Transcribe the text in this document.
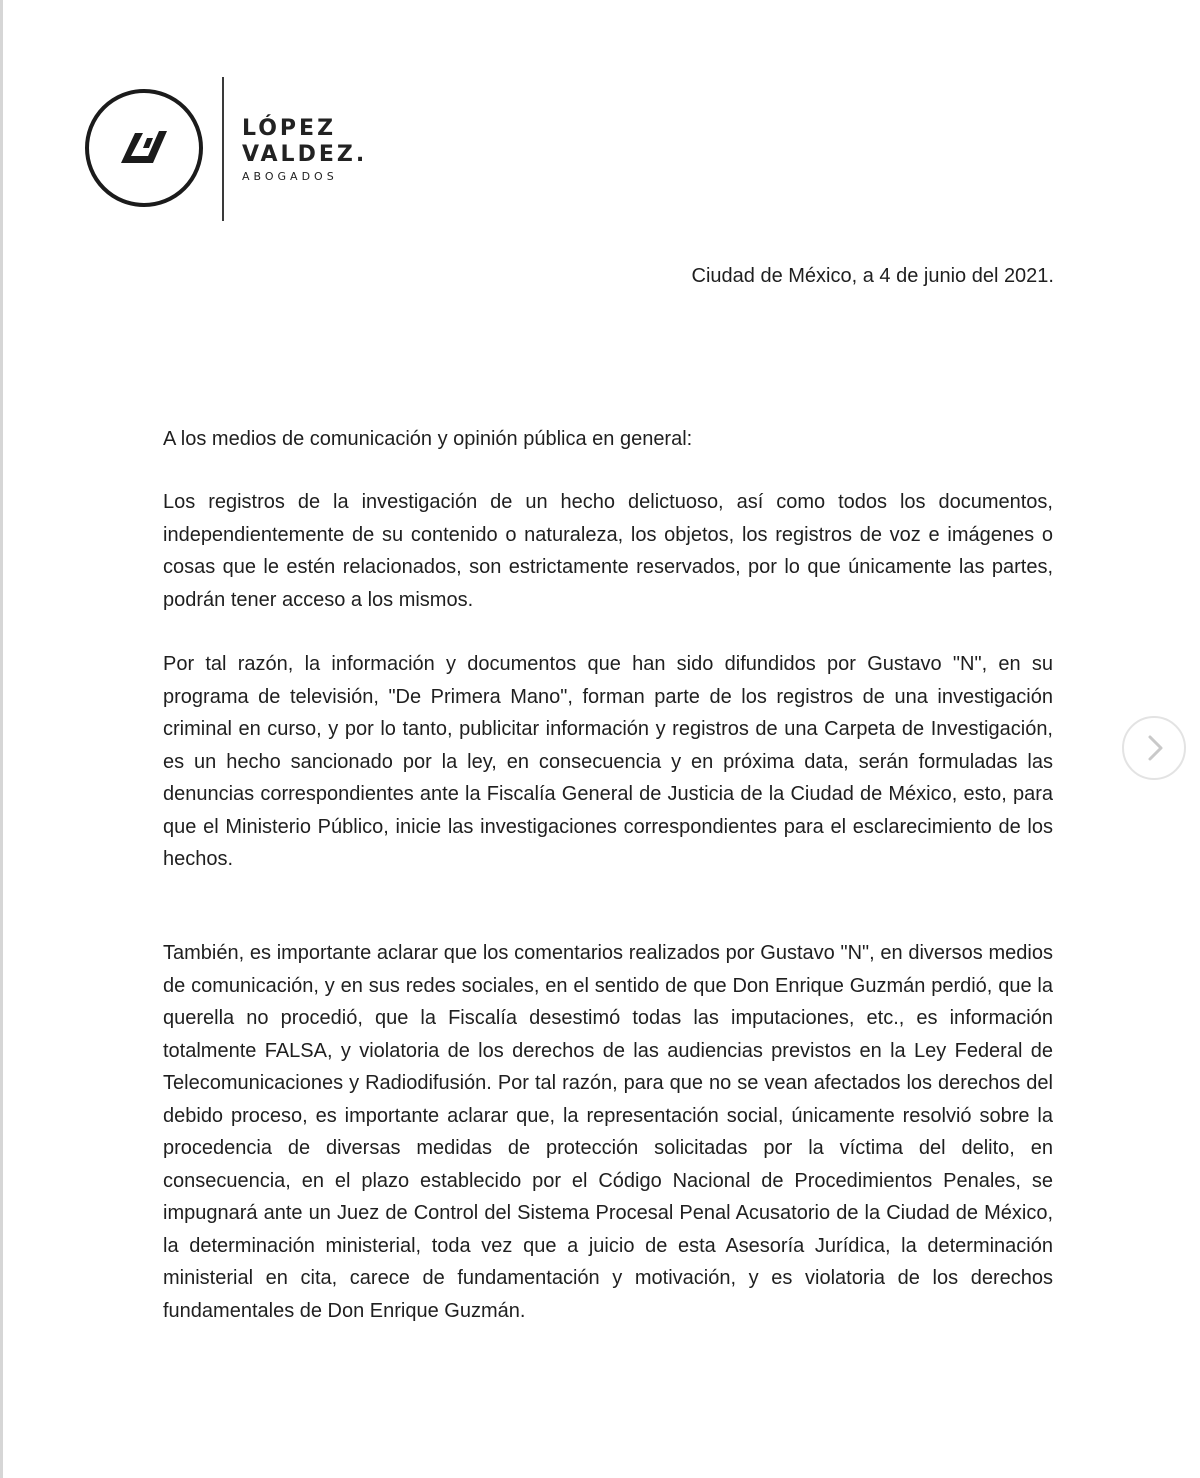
LÓPEZ
VALDEZ.
ABOGADOS
Ciudad de México, a 4 de junio del 2021.
A los medios de comunicación y opinión pública en general:

Los registros de la investigación de un hecho delictuoso, así como todos los documentos, independientemente de su contenido o naturaleza, los objetos, los registros de voz e imágenes o cosas que le estén relacionados, son estrictamente reservados, por lo que únicamente las partes, podrán tener acceso a los mismos.

Por tal razón, la información y documentos que han sido difundidos por Gustavo "N", en su programa de televisión, "De Primera Mano", forman parte de los registros de una investigación criminal en curso, y por lo tanto, publicitar información y registros de una Carpeta de Investigación, es un hecho sancionado por la ley, en consecuencia y en próxima data, serán formuladas las denuncias correspondientes ante la Fiscalía General de Justicia de la Ciudad de México, esto, para que el Ministerio Público, inicie las investigaciones correspondientes para el esclarecimiento de los hechos.

También, es importante aclarar que los comentarios realizados por Gustavo "N", en diversos medios de comunicación, y en sus redes sociales, en el sentido de que Don Enrique Guzmán perdió, que la querella no procedió, que la Fiscalía desestimó todas las imputaciones, etc., es información totalmente FALSA, y violatoria de los derechos de las audiencias previstos en la Ley Federal de Telecomunicaciones y Radiodifusión. Por tal razón, para que no se vean afectados los derechos del debido proceso, es importante aclarar que, la representación social, únicamente resolvió sobre la procedencia de diversas medidas de protección solicitadas por la víctima del delito, en consecuencia, en el plazo establecido por el Código Nacional de Procedimientos Penales, se impugnará ante un Juez de Control del Sistema Procesal Penal Acusatorio de la Ciudad de México, la determinación ministerial, toda vez que a juicio de esta Asesoría Jurídica, la determinación ministerial en cita, carece de fundamentación y motivación, y es violatoria de los derechos fundamentales de Don Enrique Guzmán.
